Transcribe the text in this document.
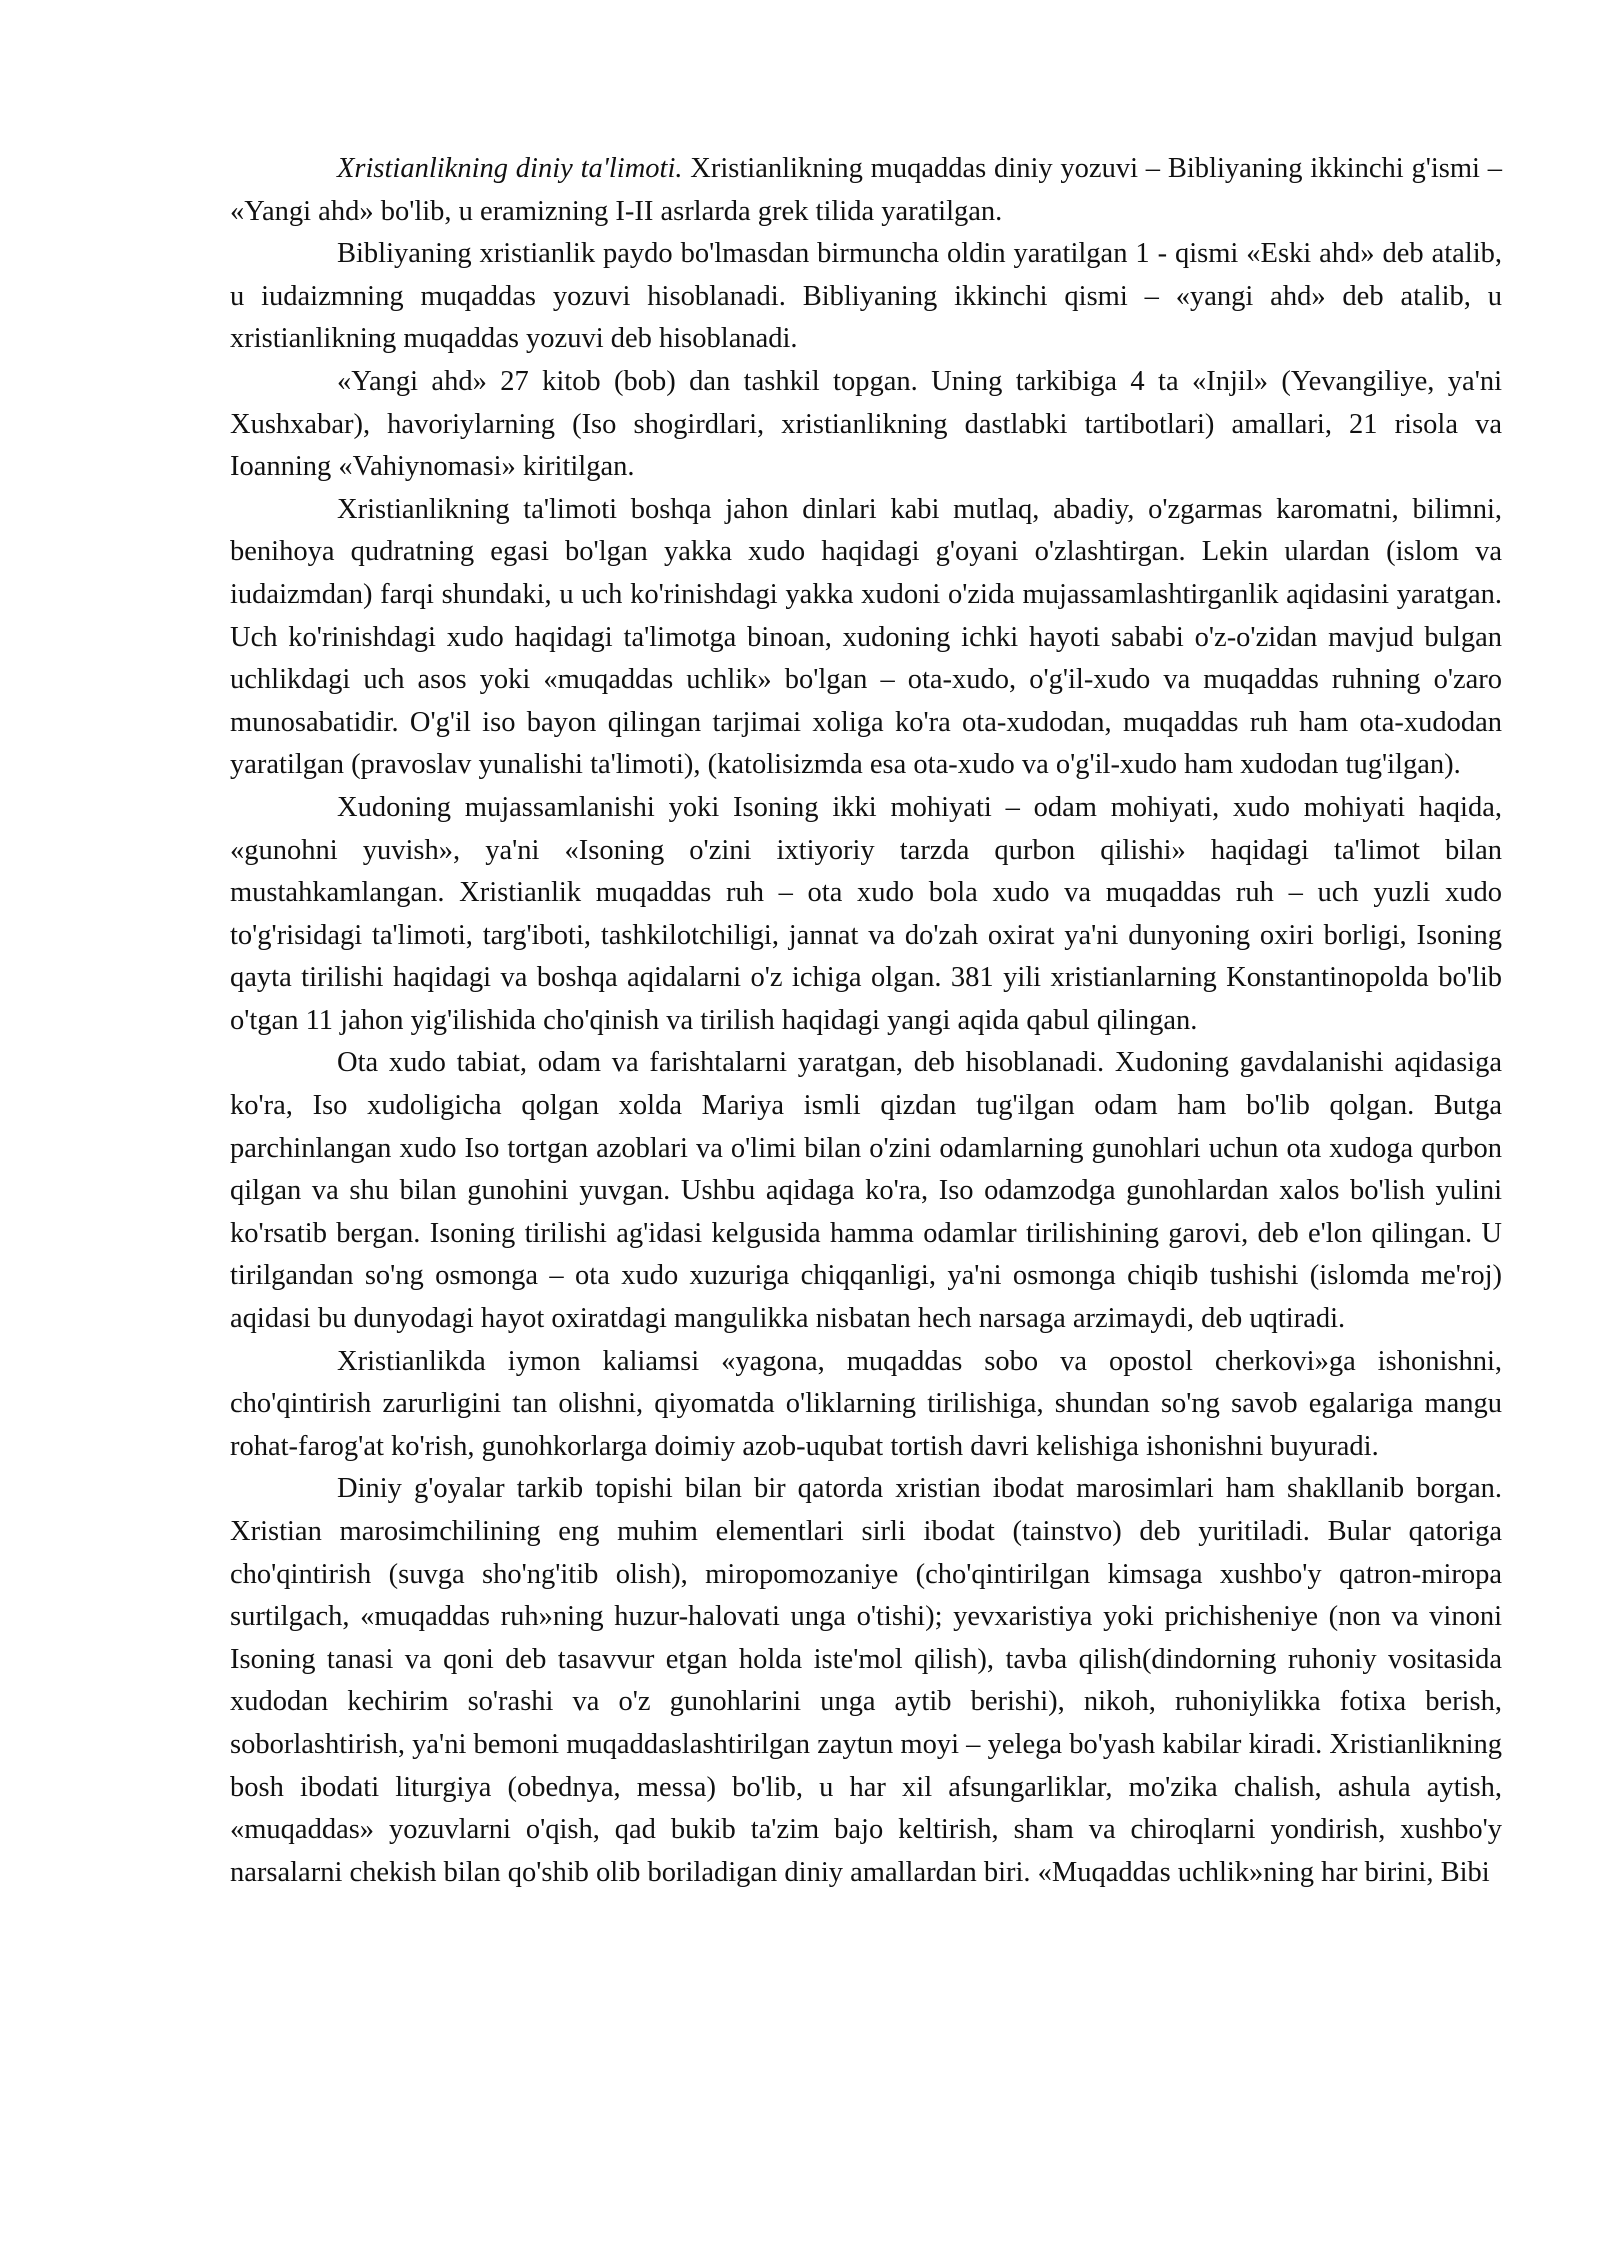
Xristianlikning diniy ta'limoti. Xristianlikning muqaddas diniy yozuvi – Bibliyaning ikkinchi g'ismi – «Yangi ahd» bo'lib, u eramizning I-II asrlarda grek tilida yaratilgan.

Bibliyaning xristianlik paydo bo'lmasdan birmuncha oldin yaratilgan 1 - qismi «Eski ahd» deb atalib, u iudaizmning muqaddas yozuvi hisoblanadi. Bibliyaning ikkinchi qismi – «yangi ahd» deb atalib, u xristianlikning muqaddas yozuvi deb hisoblanadi.

«Yangi ahd» 27 kitob (bob) dan tashkil topgan. Uning tarkibiga 4 ta «Injil» (Yevangiliye, ya'ni Xushxabar), havoriylarning (Iso shogirdlari, xristianlikning dastlabki tartibotlari) amallari, 21 risola va Ioanning «Vahiynomasi» kiritilgan.

Xristianlikning ta'limoti boshqa jahon dinlari kabi mutlaq, abadiy, o'zgarmas karomatni, bilimni, benihoya qudratning egasi bo'lgan yakka xudo haqidagi g'oyani o'zlashtirgan. Lekin ulardan (islom va iudaizmdan) farqi shundaki, u uch ko'rinishdagi yakka xudoni o'zida mujassamlashtirganlik aqidasini yaratgan. Uch ko'rinishdagi xudo haqidagi ta'limotga binoan, xudoning ichki hayoti sababi o'z-o'zidan mavjud bulgan uchlikdagi uch asos yoki «muqaddas uchlik» bo'lgan – ota-xudo, o'g'il-xudo va muqaddas ruhning o'zaro munosabatidir. O'g'il iso bayon qilingan tarjimai xoliga ko'ra ota-xudodan, muqaddas ruh ham ota-xudodan yaratilgan (pravoslav yunalishi ta'limoti), (katolisizmda esa ota-xudo va o'g'il-xudo ham xudodan tug'ilgan).

Xudoning mujassamlanishi yoki Isoning ikki mohiyati – odam mohiyati, xudo mohiyati haqida, «gunohni yuvish», ya'ni «Isoning o'zini ixtiyoriy tarzda qurbon qilishi» haqidagi ta'limot bilan mustahkamlangan. Xristianlik muqaddas ruh – ota xudo bola xudo va muqaddas ruh – uch yuzli xudo to'g'risidagi ta'limoti, targ'iboti, tashkilotchiligi, jannat va do'zah oxirat ya'ni dunyoning oxiri borligi, Isoning qayta tirilishi haqidagi va boshqa aqidalarni o'z ichiga olgan. 381 yili xristianlarning Konstantinopolda bo'lib o'tgan 11 jahon yig'ilishida cho'qinish va tirilish haqidagi yangi aqida qabul qilingan.

Ota xudo tabiat, odam va farishtalarni yaratgan, deb hisoblanadi. Xudoning gavdalanishi aqidasiga ko'ra, Iso xudoligicha qolgan xolda Mariya ismli qizdan tug'ilgan odam ham bo'lib qolgan. Butga parchinlangan xudo Iso tortgan azoblari va o'limi bilan o'zini odamlarning gunohlari uchun ota xudoga qurbon qilgan va shu bilan gunohini yuvgan. Ushbu aqidaga ko'ra, Iso odamzodga gunohlardan xalos bo'lish yulini ko'rsatib bergan. Isoning tirilishi ag'idasi kelgusida hamma odamlar tirilishining garovi, deb e'lon qilingan. U tirilgandan so'ng osmonga – ota xudo xuzuriga chiqqanligi, ya'ni osmonga chiqib tushishi (islomda me'roj) aqidasi bu dunyodagi hayot oxiratdagi mangulikka nisbatan hech narsaga arzimaydi, deb uqtiradi.

Xristianlikda iymon kaliamsi «yagona, muqaddas sobo va opostol cherkovi»ga ishonishni, cho'qintirish zarurligini tan olishni, qiyomatda o'liklarning tirilishiga, shundan so'ng savob egalariga mangu rohat-farog'at ko'rish, gunohkorlarga doimiy azob-uqubat tortish davri kelishiga ishonishni buyuradi.

Diniy g'oyalar tarkib topishi bilan bir qatorda xristian ibodat marosimlari ham shakllanib borgan. Xristian marosimchilining eng muhim elementlari sirli ibodat (tainstvo) deb yuritiladi. Bular qatoriga cho'qintirish (suvga sho'ng'itib olish), miropomozaniye (cho'qintirilgan kimsaga xushbo'y qatron-miropa surtilgach, «muqaddas ruh»ning huzur-halovati unga o'tishi); yevxaristiya yoki prichisheniye (non va vinoni Isoning tanasi va qoni deb tasavvur etgan holda iste'mol qilish), tavba qilish(dindorning ruhoniy vositasida xudodan kechirim so'rashi va o'z gunohlarini unga aytib berishi), nikoh, ruhoniylikka fotixa berish, soborlashtirish, ya'ni bemoni muqaddaslashtirilgan zaytun moyi – yelega bo'yash kabilar kiradi. Xristianlikning bosh ibodati liturgiya (obednya, messa) bo'lib, u har xil afsungarliklar, mo'zika chalish, ashula aytish, «muqaddas» yozuvlarni o'qish, qad bukib ta'zim bajo keltirish, sham va chiroqlarni yondirish, xushbo'y narsalarni chekish bilan qo'shib olib boriladigan diniy amallardan biri. «Muqaddas uchlik»ning har birini, Bibi
